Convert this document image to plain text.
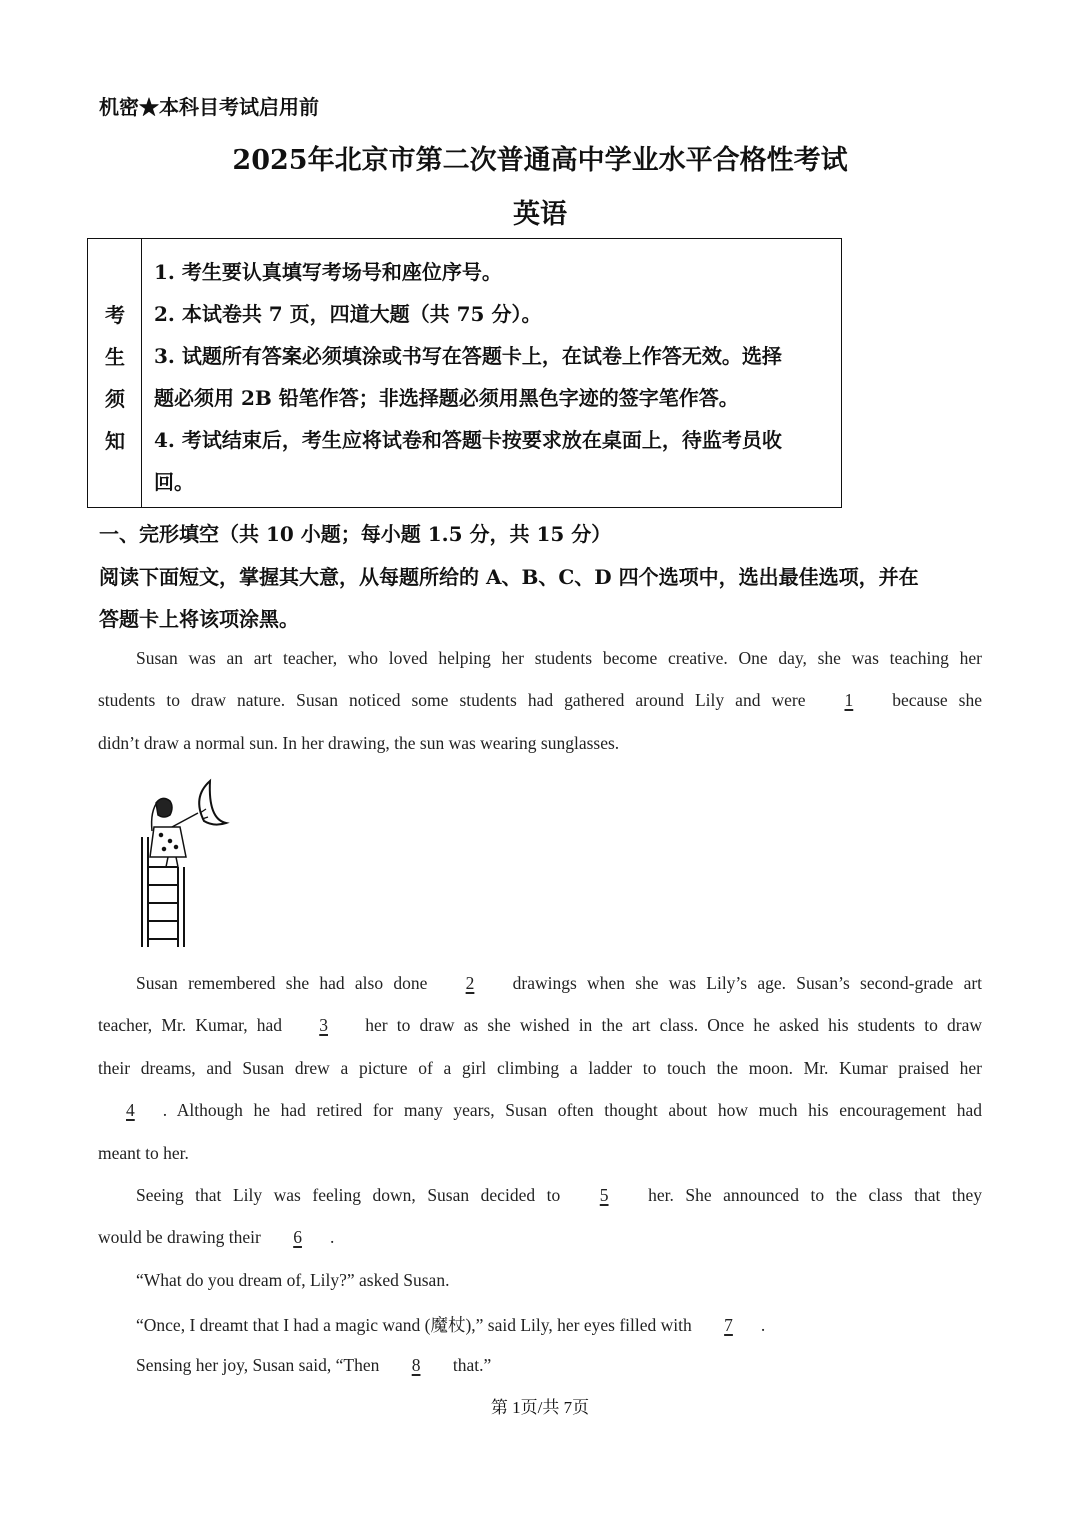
机密★本科目考试启用前
2025年北京市第二次普通高中学业水平合格性考试
英语
考
生
须
知
1. 考生要认真填写考场号和座位序号。
2. 本试卷共 7 页，四道大题（共 75 分）。
3. 试题所有答案必须填涂或书写在答题卡上，在试卷上作答无效。选择
题必须用 2B 铅笔作答；非选择题必须用黑色字迹的签字笔作答。
4. 考试结束后，考生应将试卷和答题卡按要求放在桌面上，待监考员收
回。
一、完形填空（共 10 小题；每小题 1.5 分，共 15 分）
阅读下面短文，掌握其大意，从每题所给的 A、B、C、D 四个选项中，选出最佳选项，并在
答题卡上将该项涂黑。
Susan was an art teacher, who loved helping her students become creative. One day, she was teaching her
students to draw nature. Susan noticed some students had gathered around Lily and were 1 because she
didn’t draw a normal sun. In her drawing, the sun was wearing sunglasses.
Susan remembered she had also done 2 drawings when she was Lily’s age. Susan’s second-grade art
teacher, Mr. Kumar, had 3 her to draw as she wished in the art class. Once he asked his students to draw
their dreams, and Susan drew a picture of a girl climbing a ladder to touch the moon. Mr. Kumar praised her
4 . Although he had retired for many years, Susan often thought about how much his encouragement had
meant to her.
Seeing that Lily was feeling down, Susan decided to 5 her. She announced to the class that they
would be drawing their 6 .
“What do you dream of, Lily?” asked Susan.
“Once, I dreamt that I had a magic wand (魔杖),” said Lily, her eyes filled with 7 .
Sensing her joy, Susan said, “Then 8 that.”
第 1页/共 7页
